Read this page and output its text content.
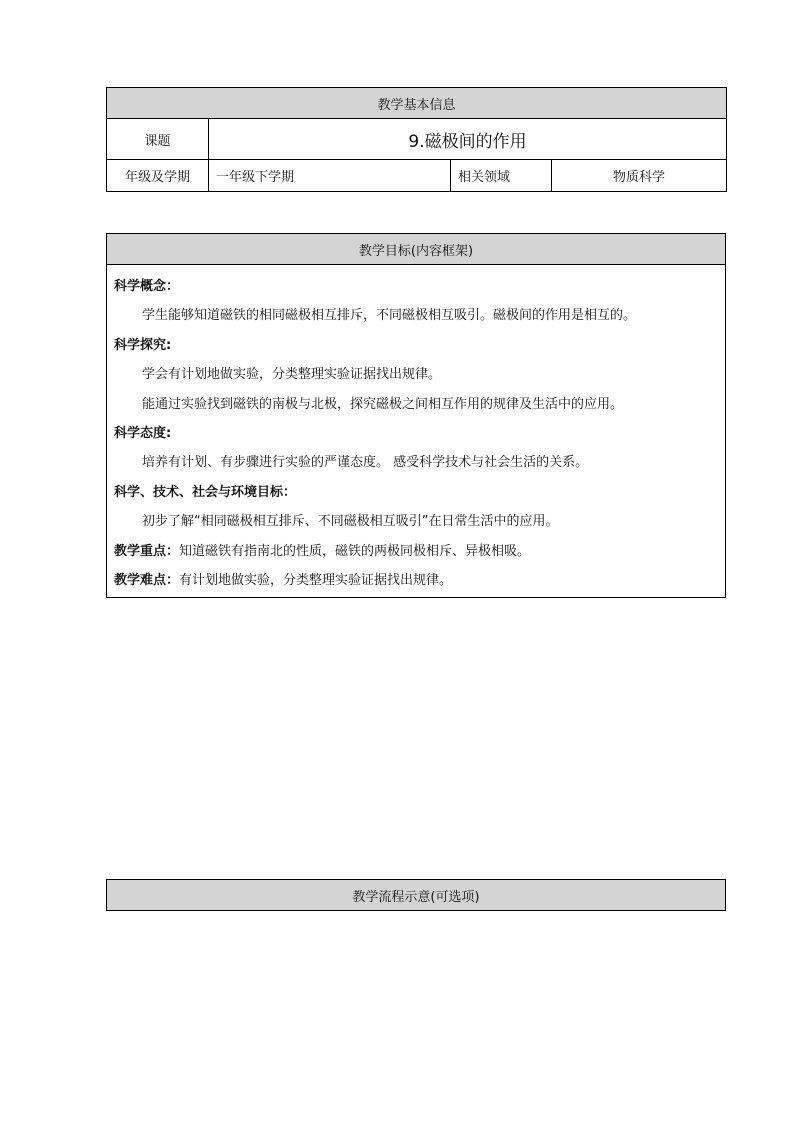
教学基本信息			
课题	9.磁极间的作用		
年级及学期	一年级下学期	相关领域	物质科学
教学目标(内容框架)

科学概念：
学生能够知道磁铁的相同磁极相互排斥，不同磁极相互吸引。磁极间的作用是相互的。
科学探究:
学会有计划地做实验，分类整理实验证据找出规律。
能通过实验找到磁铁的南极与北极，探究磁极之间相互作用的规律及生活中的应用。
科学态度:
培养有计划、有步骤进行实验的严谨态度。 感受科学技术与社会生活的关系。
科学、技术、社会与环境目标：
初步了解“相同磁极相互排斥、不同磁极相互吸引”在日常生活中的应用。
教学重点：知道磁铁有指南北的性质，磁铁的两极同极相斥、异极相吸。
教学难点：有计划地做实验，分类整理实验证据找出规律。
教学流程示意(可选项)
